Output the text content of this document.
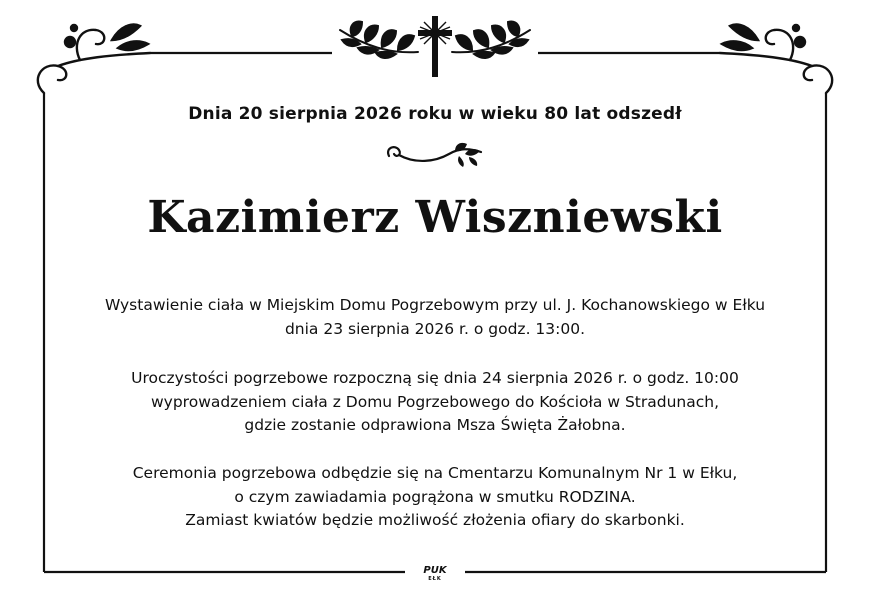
Dnia 20 sierpnia 2026 roku w wieku 80 lat odszedł
Kazimierz Wiszniewski
Wystawienie ciała w Miejskim Domu Pogrzebowym przy ul. J. Kochanowskiego w Ełku
dnia 23 sierpnia 2026 r. o godz. 13:00.
Uroczystości pogrzebowe rozpoczną się dnia 24 sierpnia 2026 r. o godz. 10:00
wyprowadzeniem ciała z Domu Pogrzebowego do Kościoła w Stradunach,
gdzie zostanie odprawiona Msza Święta Żałobna.
Ceremonia pogrzebowa odbędzie się na Cmentarzu Komunalnym Nr 1 w Ełku,
o czym zawiadamia pogrążona w smutku RODZINA.
Zamiast kwiatów będzie możliwość złożenia ofiary do skarbonki.
PUK
EŁK
